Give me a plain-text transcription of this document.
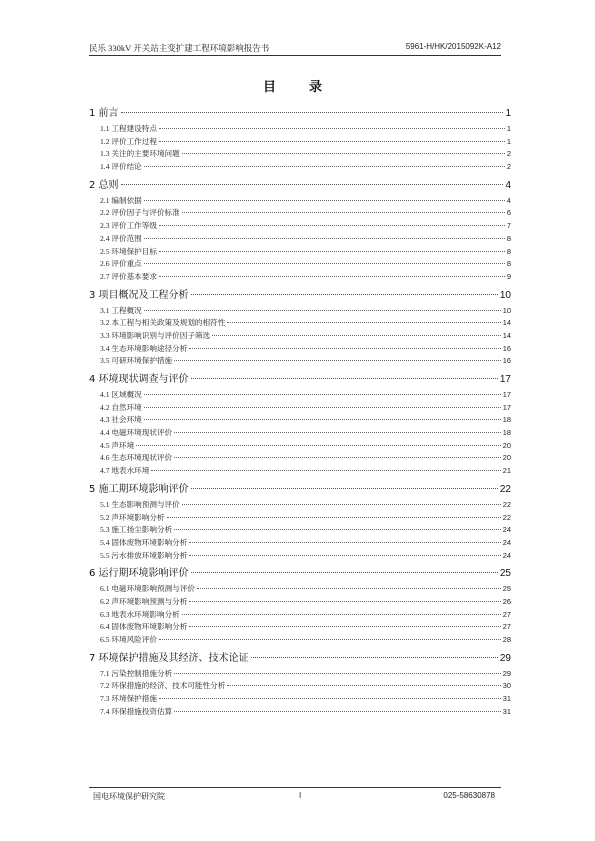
民乐 330kV 开关站主变扩建工程环境影响报告书	5961-H/HK/2015092K-A12
目　录
1 前言	1
1.1 工程建设特点	1
1.2 评价工作过程	1
1.3 关注的主要环境问题	2
1.4 评价结论	2
2 总则	4
2.1 编制依据	4
2.2 评价因子与评价标准	6
2.3 评价工作等级	7
2.4 评价范围	8
2.5 环境保护目标	8
2.6 评价重点	8
2.7 评价基本要求	9
3 项目概况及工程分析	10
3.1 工程概况	10
3.2 本工程与相关政策及规划的相符性	14
3.3 环境影响识别与评价因子筛选	14
3.4 生态环境影响途径分析	16
3.5 可研环境保护措施	16
4 环境现状调查与评价	17
4.1 区域概况	17
4.2 自然环境	17
4.3 社会环境	18
4.4 电磁环境现状评价	18
4.5 声环境	20
4.6 生态环境现状评价	20
4.7 地表水环境	21
5 施工期环境影响评价	22
5.1 生态影响预测与评价	22
5.2 声环境影响分析	22
5.3 施工扬尘影响分析	24
5.4 固体废物环境影响分析	24
5.5 污水排放环境影响分析	24
6 运行期环境影响评价	25
6.1 电磁环境影响预测与评价	25
6.2 声环境影响预测与分析	26
6.3 地表水环境影响分析	27
6.4 固体废物环境影响分析	27
6.5 环境风险评价	28
7 环境保护措施及其经济、技术论证	29
7.1 污染控制措施分析	29
7.2 环保措施的经济、技术可能性分析	30
7.3 环境保护措施	31
7.4 环保措施投资估算	31
国电环境保护研究院	I	025-58630878
